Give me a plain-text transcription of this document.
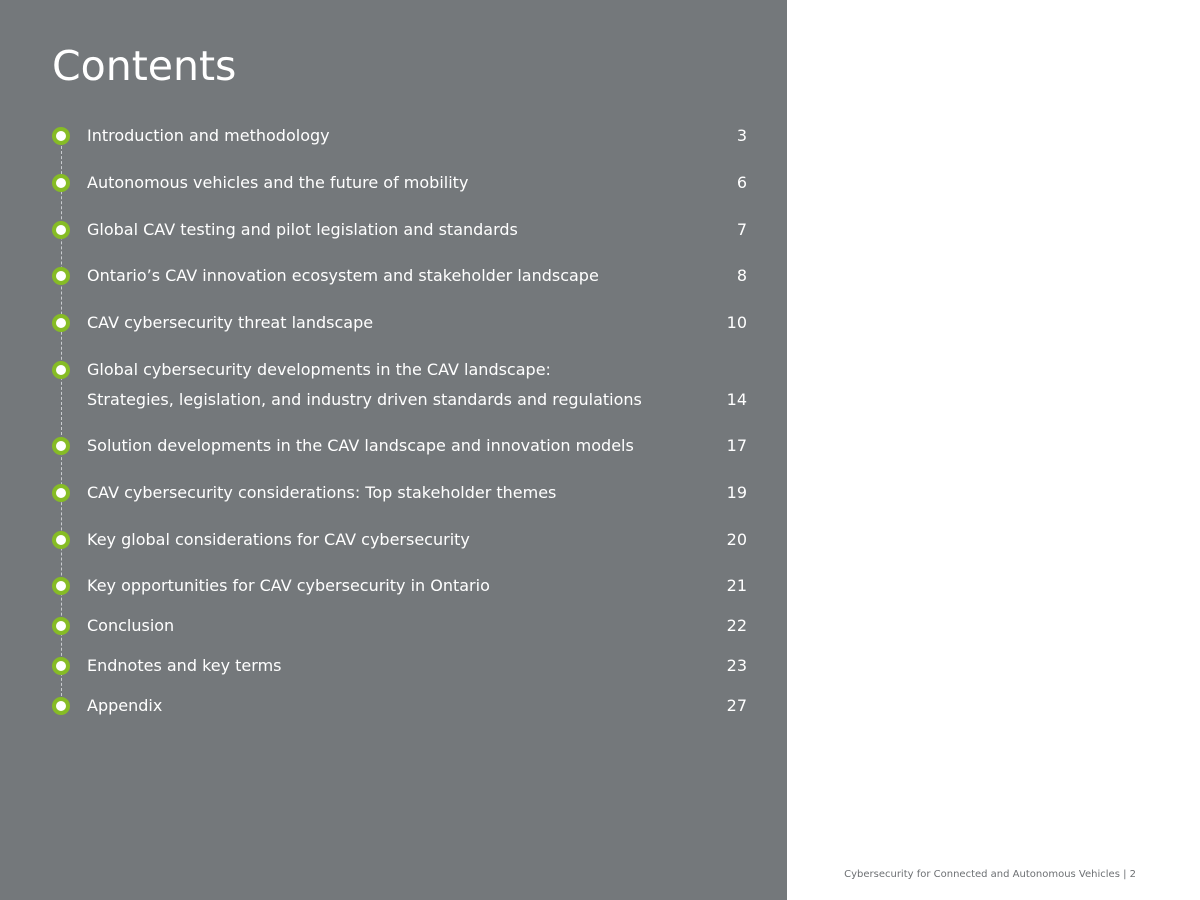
Contents
Introduction and methodology	3
Autonomous vehicles and the future of mobility	6
Global CAV testing and pilot legislation and standards	7
Ontario’s CAV innovation ecosystem and stakeholder landscape	8
CAV cybersecurity threat landscape	10
Global cybersecurity developments in the CAV landscape:
Strategies, legislation, and industry driven standards and regulations	14
Solution developments in the CAV landscape and innovation models	17
CAV cybersecurity considerations: Top stakeholder themes	19
Key global considerations for CAV cybersecurity	20
Key opportunities for CAV cybersecurity in Ontario	21
Conclusion	22
Endnotes and key terms	23
Appendix	27
Cybersecurity for Connected and Autonomous Vehicles | 2
